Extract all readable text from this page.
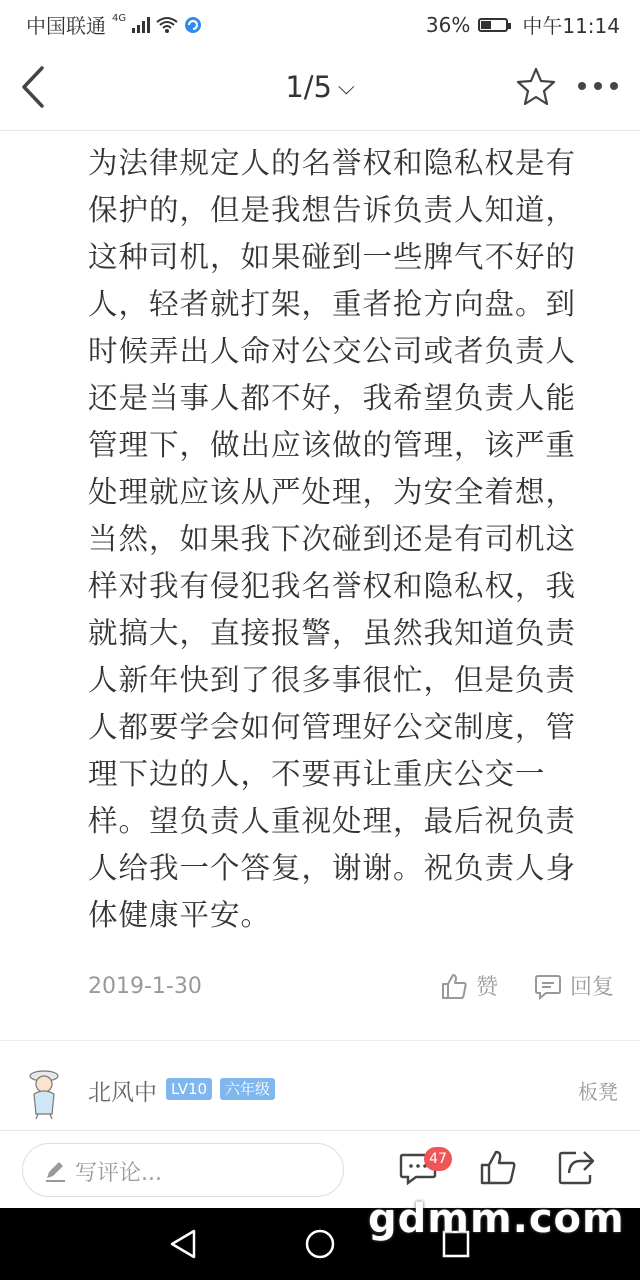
中国联通 4G	36%	中午11:14
1/5 ⌵
为法律规定人的名誉权和隐私权是有
保护的，但是我想告诉负责人知道，
这种司机，如果碰到一些脾气不好的
人，轻者就打架，重者抢方向盘。到
时候弄出人命对公交公司或者负责人
还是当事人都不好，我希望负责人能
管理下，做出应该做的管理，该严重
处理就应该从严处理，为安全着想，
当然，如果我下次碰到还是有司机这
样对我有侵犯我名誉权和隐私权，我
就搞大，直接报警，虽然我知道负责
人新年快到了很多事很忙，但是负责
人都要学会如何管理好公交制度，管
理下边的人，不要再让重庆公交一
样。望负责人重视处理，最后祝负责
人给我一个答复，谢谢。祝负责人身
体健康平安。
2019-1-30	赞	回复
北风中 LV10	六年级	板凳
写评论...
47
gdmm.com
